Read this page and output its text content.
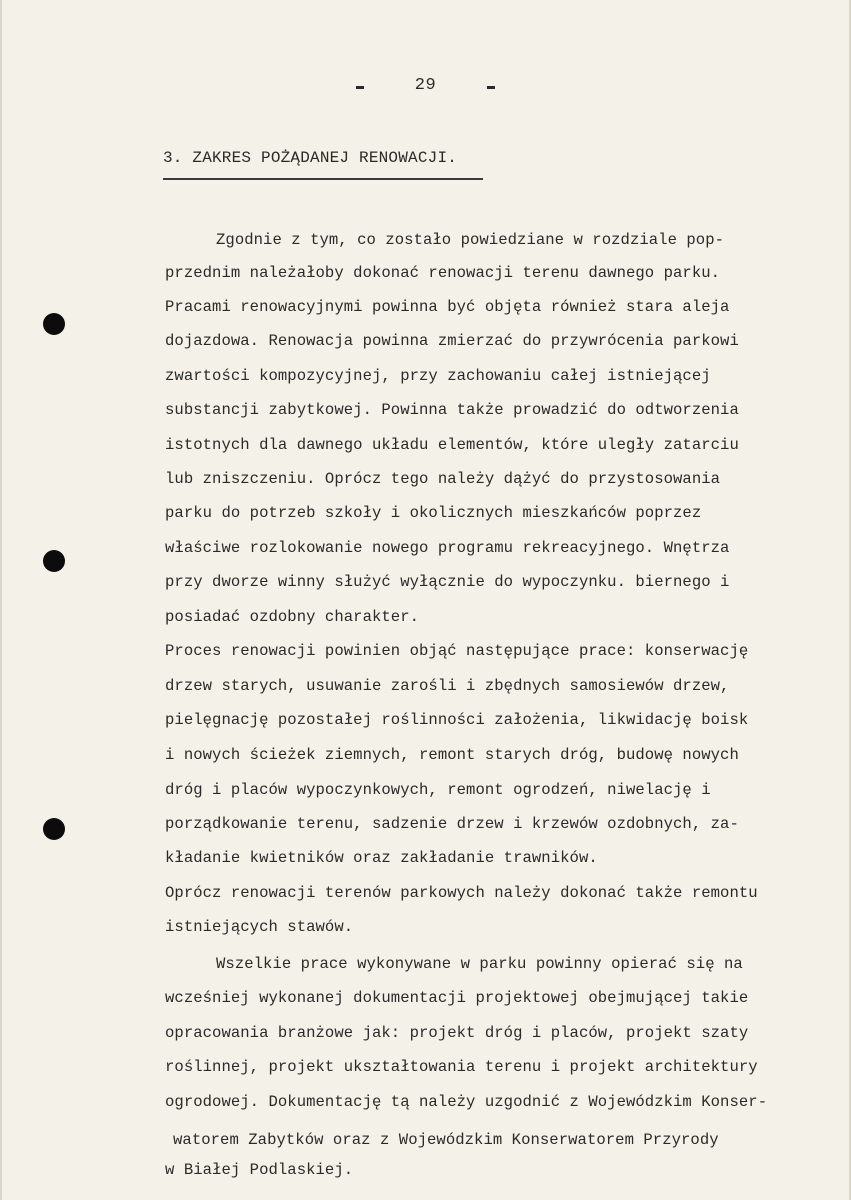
29
3. ZAKRES POŻĄDANEJ RENOWACJI.
Zgodnie z tym, co zostało powiedziane w rozdziale pop-
przednim należałoby dokonać renowacji terenu dawnego parku.
Pracami renowacyjnymi powinna być objęta również stara aleja
dojazdowa. Renowacja powinna zmierzać do przywrócenia parkowi
zwartości kompozycyjnej, przy zachowaniu całej istniejącej
substancji zabytkowej. Powinna także prowadzić do odtworzenia
istotnych dla dawnego układu elementów, które uległy zatarciu
lub zniszczeniu. Oprócz tego należy dążyć do przystosowania
parku do potrzeb szkoły i okolicznych mieszkańców poprzez
właściwe rozlokowanie nowego programu rekreacyjnego. Wnętrza
przy dworze winny służyć wyłącznie do wypoczynku. biernego i
posiadać ozdobny charakter.
Proces renowacji powinien objąć następujące prace: konserwację
drzew starych, usuwanie zarośli i zbędnych samosiewów drzew,
pielęgnację pozostałej roślinności założenia, likwidację boisk
i nowych ścieżek ziemnych, remont starych dróg, budowę nowych
dróg i placów wypoczynkowych, remont ogrodzeń, niwelację i
porządkowanie terenu, sadzenie drzew i krzewów ozdobnych, za-
kładanie kwietników oraz zakładanie trawników.
Oprócz renowacji terenów parkowych należy dokonać także remontu
istniejących stawów.
Wszelkie prace wykonywane w parku powinny opierać się na
wcześniej wykonanej dokumentacji projektowej obejmującej takie
opracowania branżowe jak: projekt dróg i placów, projekt szaty
roślinnej, projekt ukształtowania terenu i projekt architektury
ogrodowej. Dokumentację tą należy uzgodnić z Wojewódzkim Konser-
watorem Zabytków oraz z Wojewódzkim Konserwatorem Przyrody
w Białej Podlaskiej.
